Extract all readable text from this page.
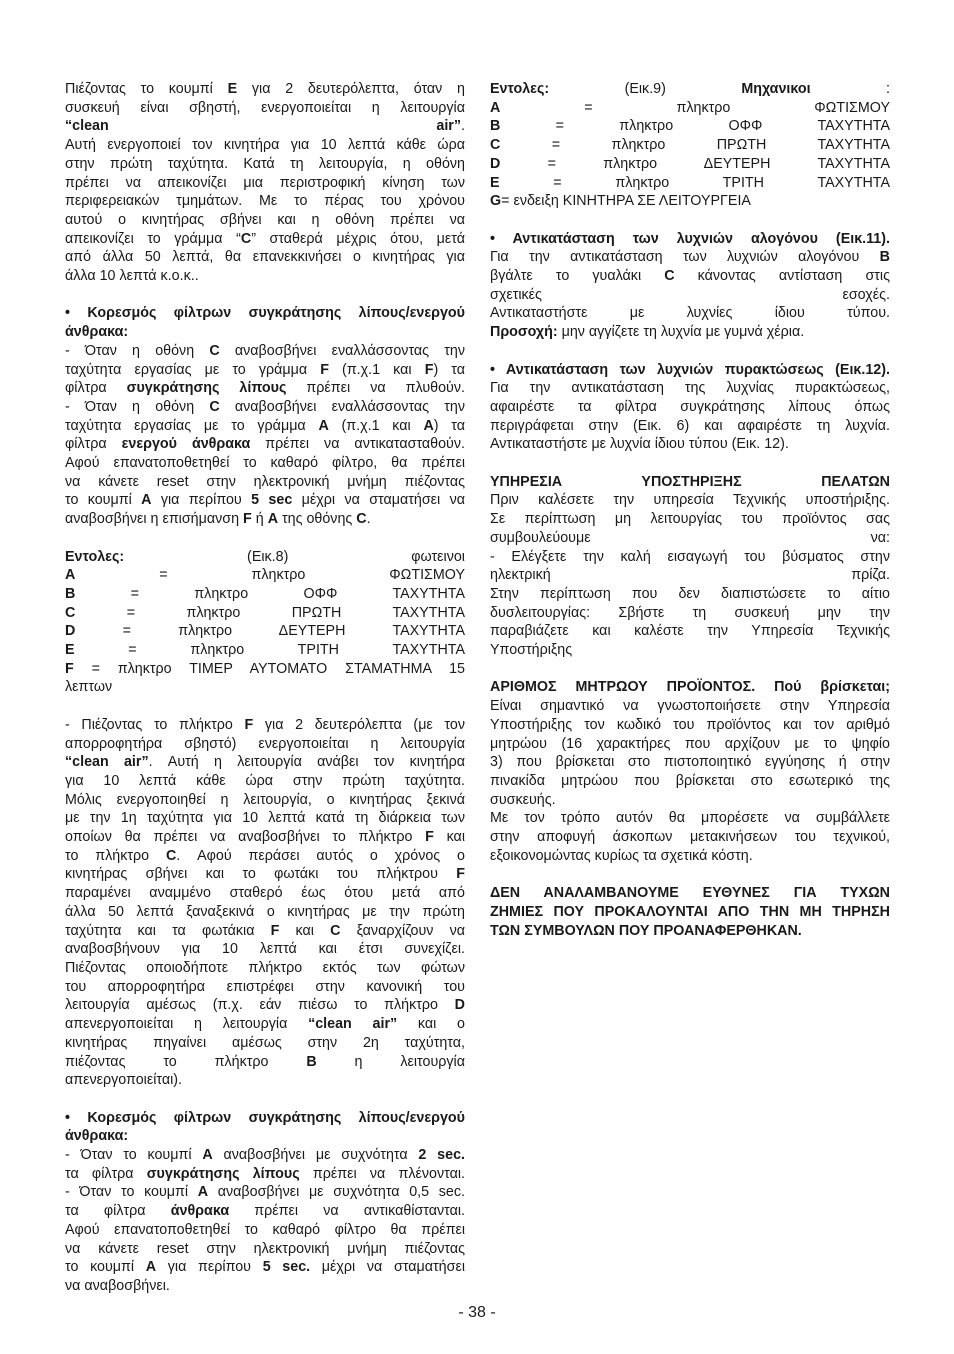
Πιέζοντας το κουμπί E για 2 δευτερόλεπτα, όταν η
συσκευή είναι σβηστή, ενεργοποιείται η λειτουργία
“clean air”.
Αυτή ενεργοποιεί τον κινητήρα για 10 λεπτά κάθε ώρα
στην πρώτη ταχύτητα. Κατά τη λειτουργία, η οθόνη
πρέπει να απεικονίζει μια περιστροφική κίνηση των
περιφερειακών τμημάτων. Με το πέρας του χρόνου
αυτού ο κινητήρας σβήνει και η οθόνη πρέπει να
απεικονίζει το γράμμα “C” σταθερά μέχρις ότου, μετά
από άλλα 50 λεπτά, θα επανεκκινήσει ο κινητήρας για
άλλα 10 λεπτά κ.ο.κ..
• Κορεσμός φίλτρων συγκράτησης λίπους/ενεργού
άνθρακα:
- Όταν η οθόνη C αναβοσβήνει εναλλάσσοντας την
ταχύτητα εργασίας με το γράμμα F (π.χ.1 και F) τα
φίλτρα συγκράτησης λίπους πρέπει να πλυθούν.
- Όταν η οθόνη C αναβοσβήνει εναλλάσσοντας την
ταχύτητα εργασίας με το γράμμα A (π.χ.1 και A) τα
φίλτρα ενεργού άνθρακα πρέπει να αντικατασταθούν.
Αφού επανατοποθετηθεί το καθαρό φίλτρο, θα πρέπει
να κάνετε reset στην ηλεκτρονική μνήμη πιέζοντας
το κουμπί A για περίπου 5 sec μέχρι να σταματήσει να
αναβοσβήνει η επισήμανση F ή A της οθόνης C.
Εντολες: (Εικ.8) φωτεινοι
A = πληκτρο ΦΩΤΙΣΜΟΥ
B = πληκτρο ΟΦΦ ΤΑΧΥΤΗΤΑ
C = πληκτρο ΠΡΩΤΗ ΤΑΧΥΤΗΤΑ
D = πληκτρο ΔΕΥΤΕΡΗ ΤΑΧΥΤΗΤΑ
E = πληκτρο ΤΡΙΤΗ ΤΑΧΥΤΗΤΑ
F = πληκτρο ΤΙΜΕΡ ΑΥΤΟΜΑΤΟ ΣΤΑΜΑΤΗΜΑ 15
λεπτων
- Πιέζοντας το πλήκτρο F για 2 δευτερόλεπτα (με τον
απορροφητήρα σβηστό) ενεργοποιείται η λειτουργία
“clean air”. Αυτή η λειτουργία ανάβει τον κινητήρα
για 10 λεπτά κάθε ώρα στην πρώτη ταχύτητα.
Μόλις ενεργοποιηθεί η λειτουργία, ο κινητήρας ξεκινά
με την 1η ταχύτητα για 10 λεπτά κατά τη διάρκεια των
οποίων θα πρέπει να αναβοσβήνει το πλήκτρο F και
το πλήκτρο C. Αφού περάσει αυτός ο χρόνος ο
κινητήρας σβήνει και το φωτάκι του πλήκτρου F
παραμένει αναμμένο σταθερό έως ότου μετά από
άλλα 50 λεπτά ξαναξεκινά ο κινητήρας με την πρώτη
ταχύτητα και τα φωτάκια F και C ξαναρχίζουν να
αναβοσβήνουν για 10 λεπτά και έτσι συνεχίζει.
Πιέζοντας οποιοδήποτε πλήκτρο εκτός των φώτων
του απορροφητήρα επιστρέφει στην κανονική του
λειτουργία αμέσως (π.χ. εάν πιέσω το πλήκτρο D
απενεργοποιείται η λειτουργία “clean air” και ο
κινητήρας πηγαίνει αμέσως στην 2η ταχύτητα,
πιέζοντας το πλήκτρο B η λειτουργία
απενεργοποιείται).
• Κορεσμός φίλτρων συγκράτησης λίπους/ενεργού
άνθρακα:
- Όταν το κουμπί A αναβοσβήνει με συχνότητα 2 sec.
τα φίλτρα συγκράτησης λίπους πρέπει να πλένονται.
- Όταν το κουμπί A αναβοσβήνει με συχνότητα 0,5 sec.
τα φίλτρα άνθρακα πρέπει να αντικαθίστανται.
Αφού επανατοποθετηθεί το καθαρό φίλτρο θα πρέπει
να κάνετε reset στην ηλεκτρονική μνήμη πιέζοντας
το κουμπί A για περίπου 5 sec. μέχρι να σταματήσει
να αναβοσβήνει.
Εντολες: (Εικ.9) Μηχανικοι :
A = πληκτρο ΦΩΤΙΣΜΟΥ
B = πληκτρο ΟΦΦ ΤΑΧΥΤΗΤΑ
C = πληκτρο ΠΡΩΤΗ ΤΑΧΥΤΗΤΑ
D = πληκτρο ΔΕΥΤΕΡΗ ΤΑΧΥΤΗΤΑ
E = πληκτρο ΤΡΙΤΗ ΤΑΧΥΤΗΤΑ
G= ενδειξη ΚΙΝΗΤΗΡΑ ΣΕ ΛΕΙΤΟΥΡΓΕΙΑ
• Αντικατάσταση των λυχνιών αλογόνου (Εικ.11).
Για την αντικατάσταση των λυχνιών αλογόνου B
βγάλτε το γυαλάκι C κάνοντας αντίσταση στις
σχετικές εσοχές.
Αντικαταστήστε με λυχνίες ίδιου τύπου.
Προσοχή: μην αγγίζετε τη λυχνία με γυμνά χέρια.
• Αντικατάσταση των λυχνιών πυρακτώσεως (Εικ.12).
Για την αντικατάσταση της λυχνίας πυρακτώσεως,
αφαιρέστε τα φίλτρα συγκράτησης λίπους όπως
περιγράφεται στην (Εικ. 6) και αφαιρέστε τη λυχνία.
Αντικαταστήστε με λυχνία ίδιου τύπου (Εικ. 12).
ΥΠΗΡΕΣΙΑ ΥΠΟΣΤΗΡΙΞΗΣ ΠΕΛΑΤΩΝ
Πριν καλέσετε την υπηρεσία Τεχνικής υποστήριξης.
Σε περίπτωση μη λειτουργίας του προϊόντος σας
συμβουλεύουμε να:
- Ελέγξετε την καλή εισαγωγή του βύσματος στην
ηλεκτρική πρίζα.
Στην περίπτωση που δεν διαπιστώσετε το αίτιο
δυσλειτουργίας: Σβήστε τη συσκευή μην την
παραβιάζετε και καλέστε την Υπηρεσία Τεχνικής
Υποστήριξης
ΑΡΙΘΜΟΣ ΜΗΤΡΩΟΥ ΠΡΟΪΟΝΤΟΣ. Πού βρίσκεται;
Είναι σημαντικό να γνωστοποιήσετε στην Υπηρεσία
Υποστήριξης τον κωδικό του προϊόντος και τον αριθμό
μητρώου (16 χαρακτήρες που αρχίζουν με το ψηφίο
3) που βρίσκεται στο πιστοποιητικό εγγύησης ή στην
πινακίδα μητρώου που βρίσκεται στο εσωτερικό της
συσκευής.
Με τον τρόπο αυτόν θα μπορέσετε να συμβάλλετε
στην αποφυγή άσκοπων μετακινήσεων του τεχνικού,
εξοικονομώντας κυρίως τα σχετικά κόστη.
ΔΕΝ ΑΝΑΛΑΜΒΑΝΟΥΜΕ ΕΥΘΥΝΕΣ ΓΙΑ ΤΥΧΩΝ
ΖΗΜΙΕΣ ΠΟΥ ΠΡΟΚΑΛΟΥΝΤΑΙ ΑΠΟ ΤΗΝ ΜΗ ΤΗΡΗΣΗ
ΤΩΝ ΣΥΜΒΟΥΛΩΝ ΠΟΥ ΠΡΟΑΝΑΦΕΡΘΗΚΑΝ.
- 38 -
